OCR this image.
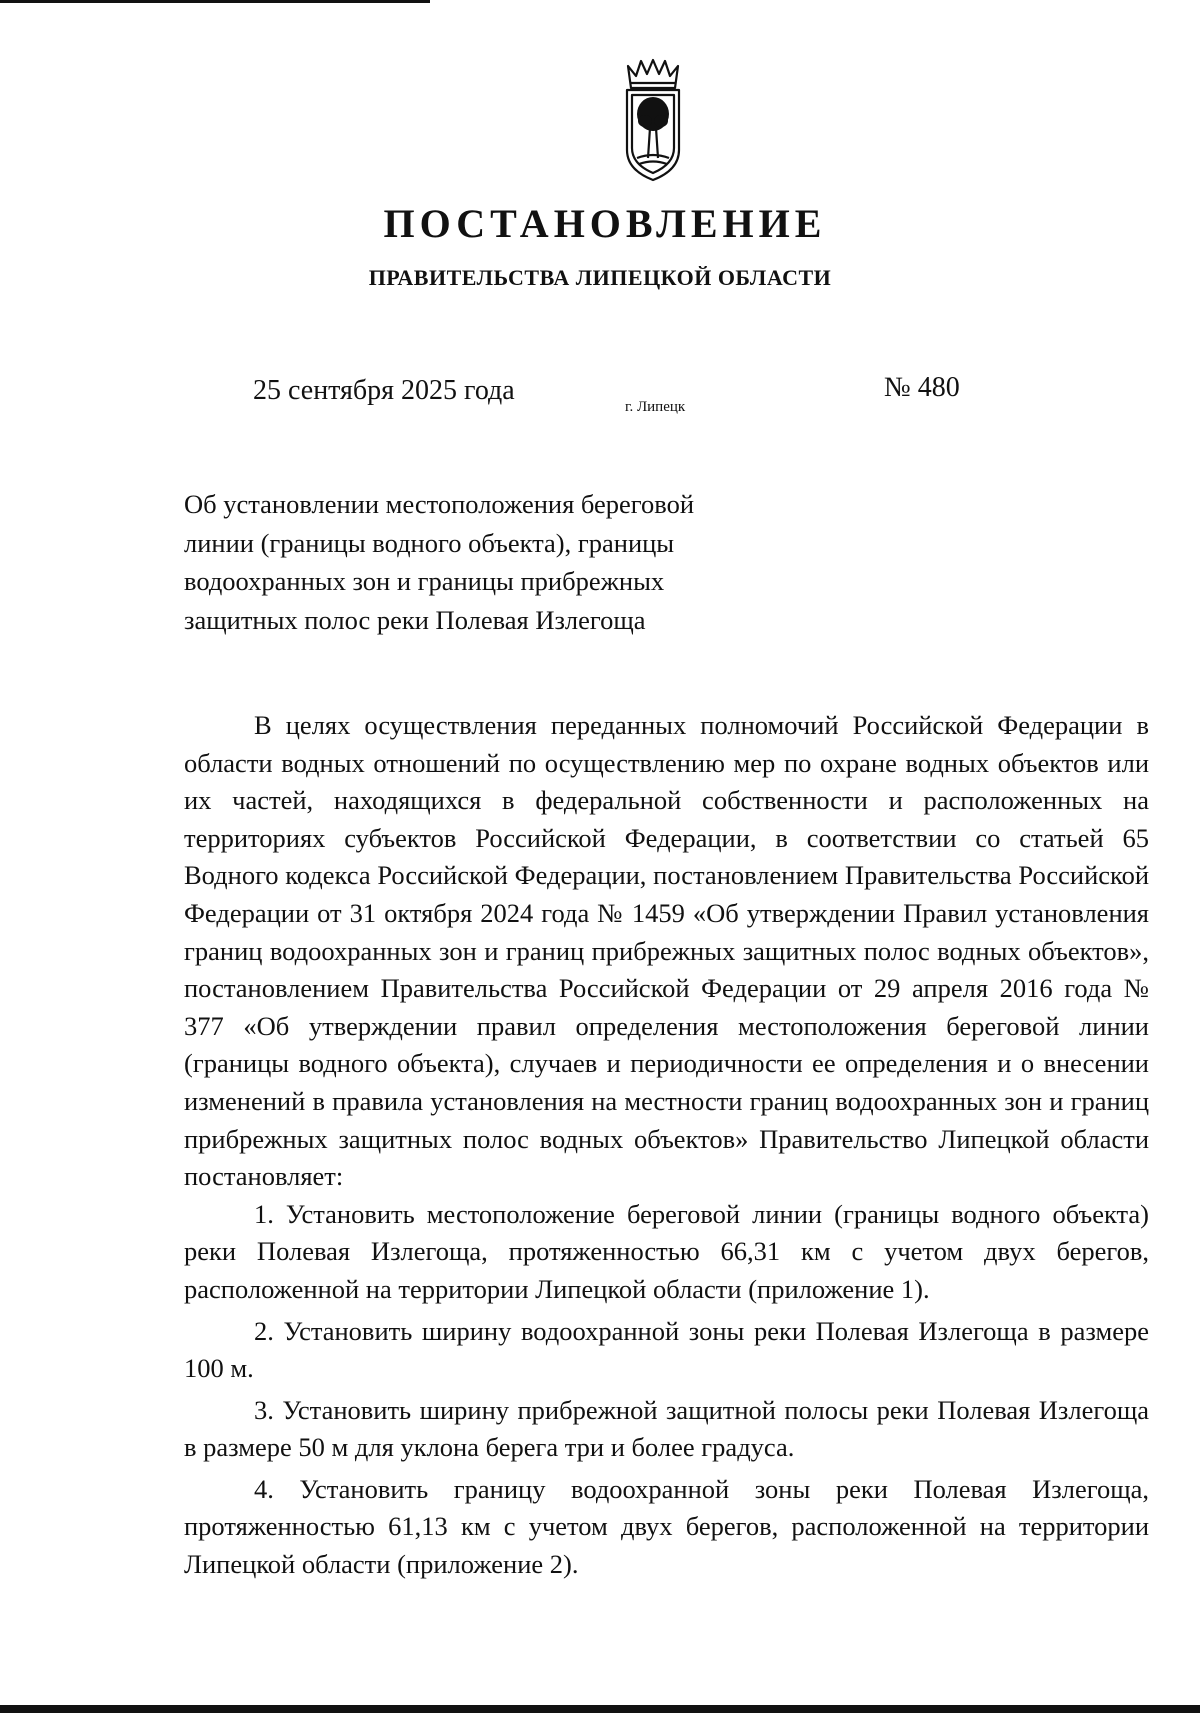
ПОСТАНОВЛЕНИЕ
ПРАВИТЕЛЬСТВА ЛИПЕЦКОЙ ОБЛАСТИ
25 сентября 2025 года
г. Липецк
№ 480
Об установлении местоположения береговой
линии (границы водного объекта), границы
водоохранных зон и границы прибрежных
защитных полос реки Полевая Излегоща

В целях осуществления переданных полномочий Российской Федерации в области водных отношений по осуществлению мер по охране водных объектов или их частей, находящихся в федеральной собственности и расположенных на территориях субъектов Российской Федерации, в соответствии со статьей 65 Водного кодекса Российской Федерации, постановлением Правительства Российской Федерации от 31 октября 2024 года № 1459 «Об утверждении Правил установления границ водоохранных зон и границ прибрежных защитных полос водных объектов», постановлением Правительства Российской Федерации от 29 апреля 2016 года № 377 «Об утверждении правил определения местоположения береговой линии (границы водного объекта), случаев и периодичности ее определения и о внесении изменений в правила установления на местности границ водоохранных зон и границ прибрежных защитных полос водных объектов» Правительство Липецкой области постановляет:

1. Установить местоположение береговой линии (границы водного объекта) реки Полевая Излегоща, протяженностью 66,31 км с учетом двух берегов, расположенной на территории Липецкой области (приложение 1).

2. Установить ширину водоохранной зоны реки Полевая Излегоща в размере 100 м.

3. Установить ширину прибрежной защитной полосы реки Полевая Излегоща в размере 50 м для уклона берега три и более градуса.

4. Установить границу водоохранной зоны реки Полевая Излегоща, протяженностью 61,13 км с учетом двух берегов, расположенной на территории Липецкой области (приложение 2).
